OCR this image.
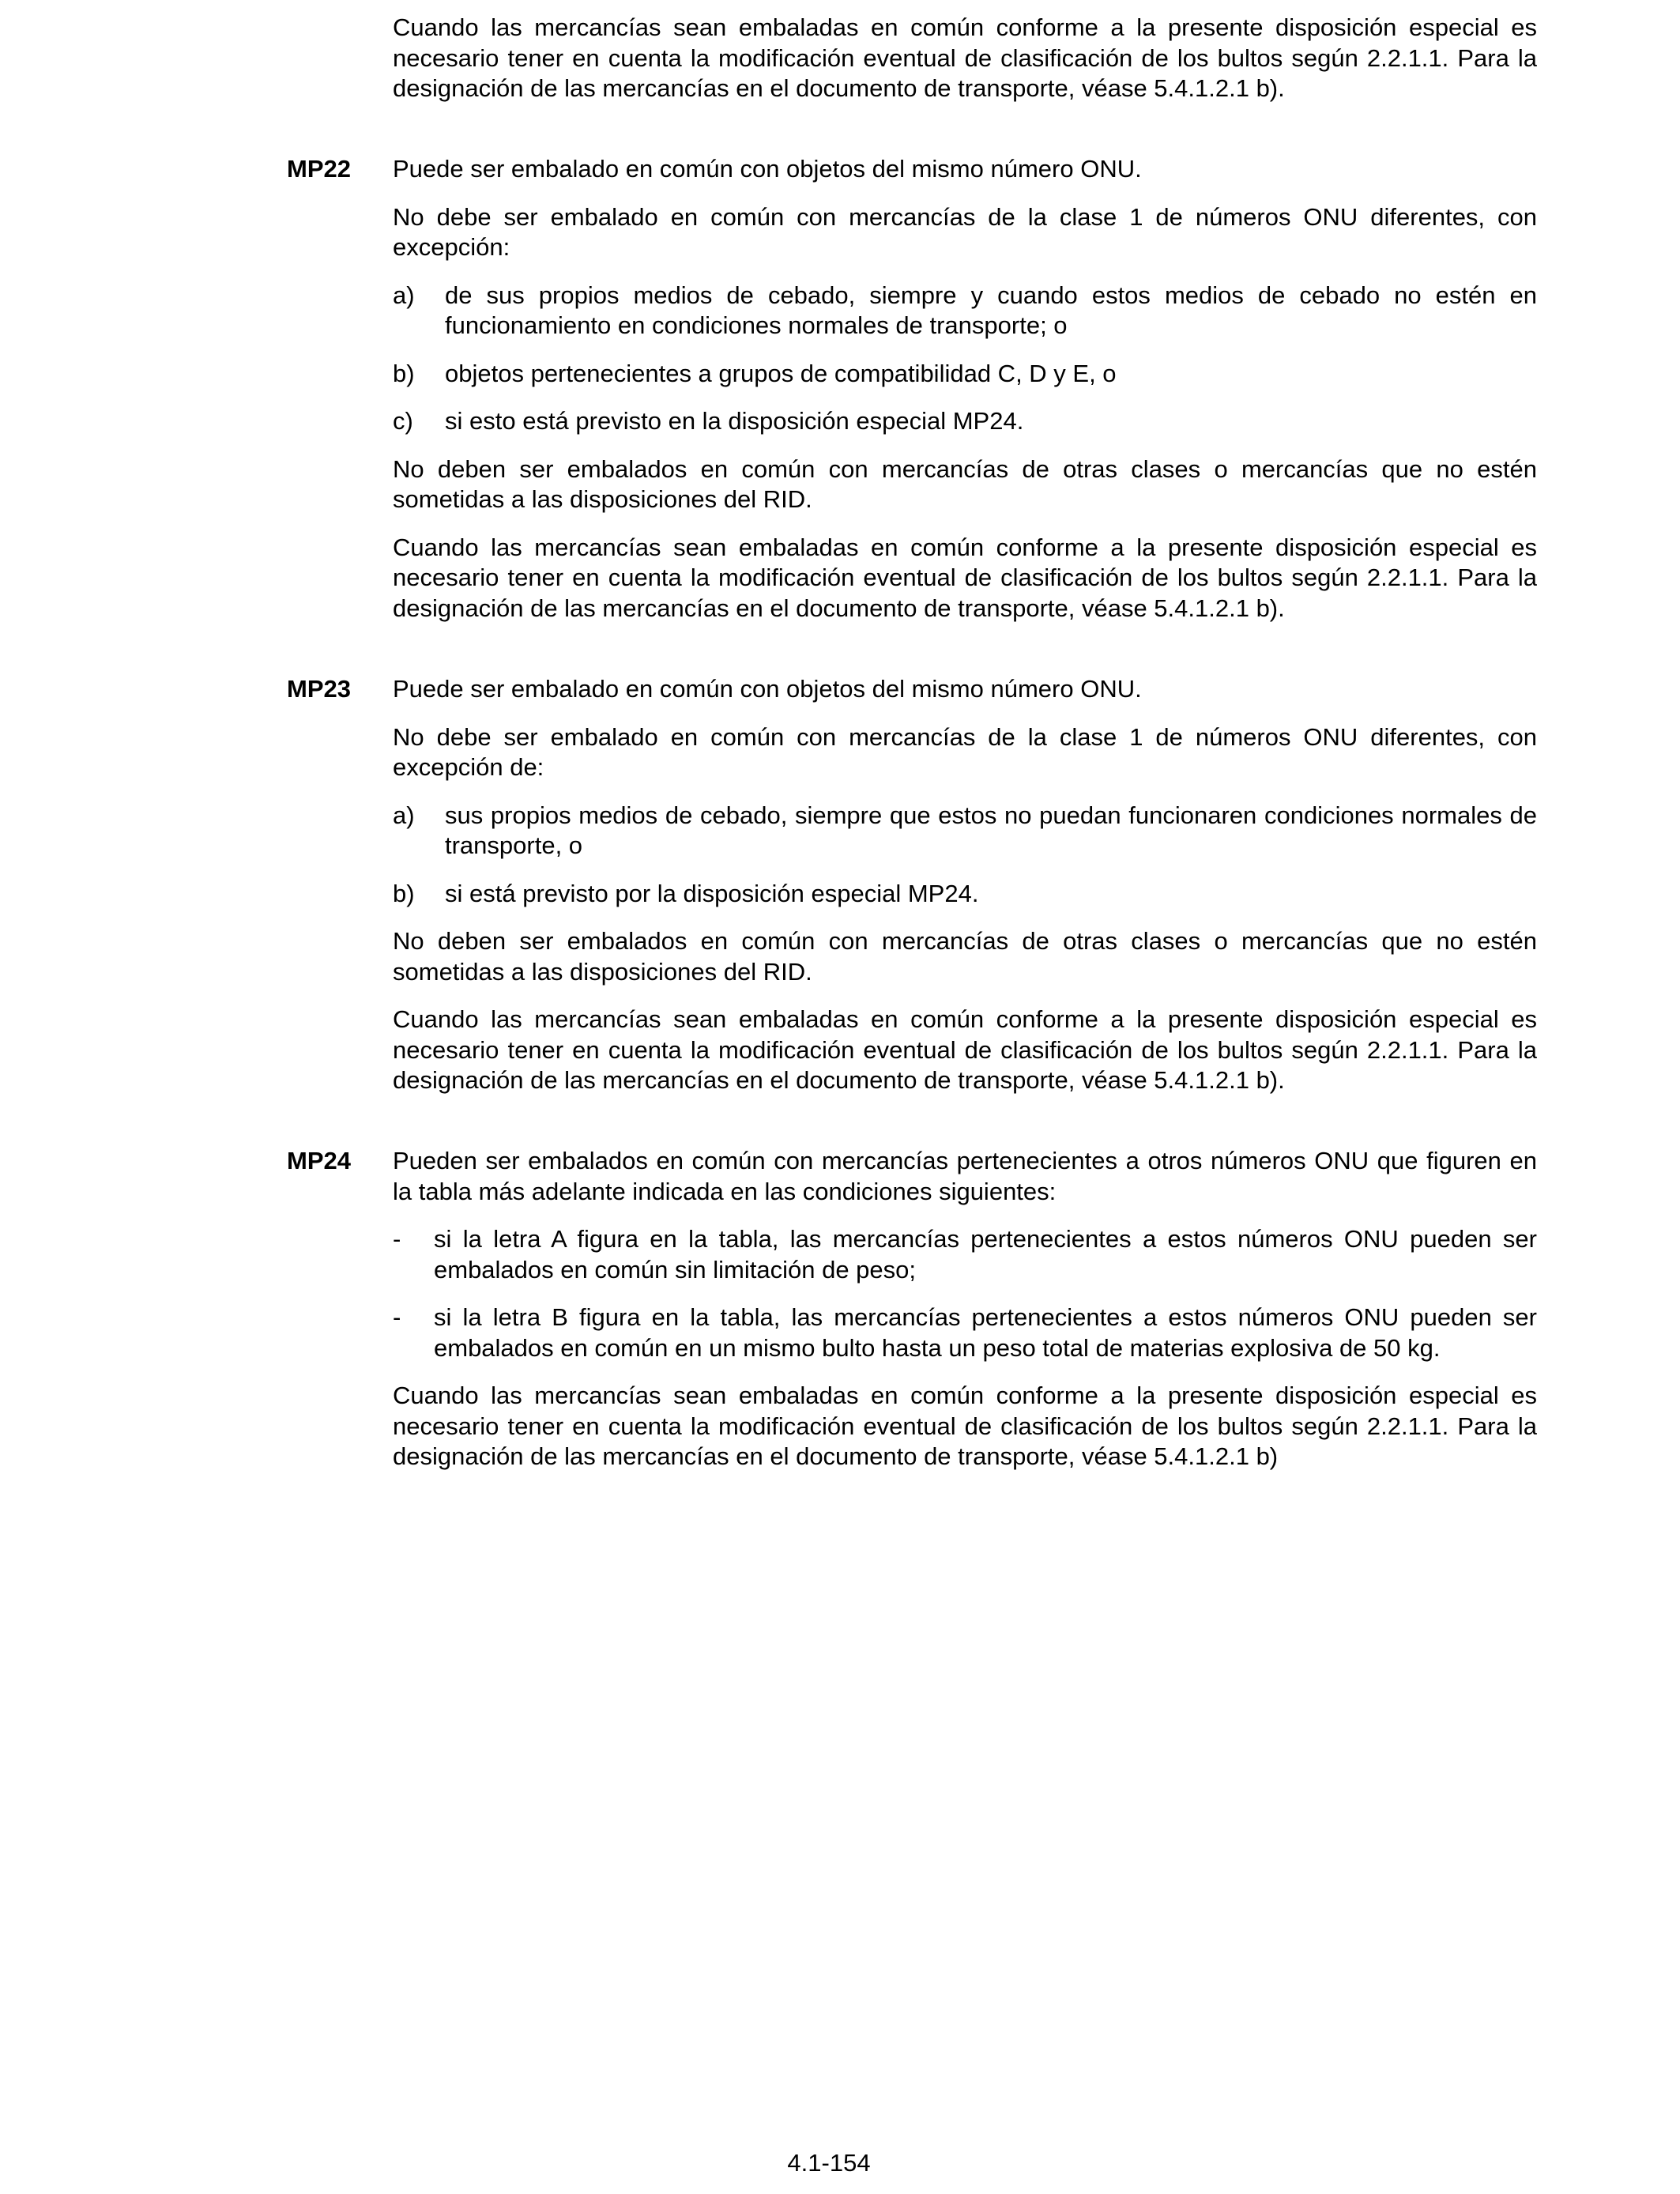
Cuando las mercancías sean embaladas en común conforme a la presente disposición especial es necesario tener en cuenta la modificación eventual de clasificación de los bultos según 2.2.1.1. Para la designación de las mercancías en el documento de transporte, véase 5.4.1.2.1 b).

MP22 Puede ser embalado en común con objetos del mismo número ONU.

No debe ser embalado en común con mercancías de la clase 1 de números ONU diferentes, con excepción:

a) de sus propios medios de cebado, siempre y cuando estos medios de cebado no estén en funcionamiento en condiciones normales de transporte; o
b) objetos pertenecientes a grupos de compatibilidad C, D y E, o
c) si esto está previsto en la disposición especial MP24.

No deben ser embalados en común con mercancías de otras clases o mercancías que no estén sometidas a las disposiciones del RID.

Cuando las mercancías sean embaladas en común conforme a la presente disposición especial es necesario tener en cuenta la modificación eventual de clasificación de los bultos según 2.2.1.1. Para la designación de las mercancías en el documento de transporte, véase 5.4.1.2.1 b).

MP23 Puede ser embalado en común con objetos del mismo número ONU.

No debe ser embalado en común con mercancías de la clase 1 de números ONU diferentes, con excepción de:

a) sus propios medios de cebado, siempre que estos no puedan funcionaren condiciones normales de transporte, o
b) si está previsto por la disposición especial MP24.

No deben ser embalados en común con mercancías de otras clases o mercancías que no estén sometidas a las disposiciones del RID.

Cuando las mercancías sean embaladas en común conforme a la presente disposición especial es necesario tener en cuenta la modificación eventual de clasificación de los bultos según 2.2.1.1. Para la designación de las mercancías en el documento de transporte, véase 5.4.1.2.1 b).

MP24 Pueden ser embalados en común con mercancías pertenecientes a otros números ONU que figuren en la tabla más adelante indicada en las condiciones siguientes:

- si la letra A figura en la tabla, las mercancías pertenecientes a estos números ONU pueden ser embalados en común sin limitación de peso;
- si la letra B figura en la tabla, las mercancías pertenecientes a estos números ONU pueden ser embalados en común en un mismo bulto hasta un peso total de materias explosiva de 50 kg.

Cuando las mercancías sean embaladas en común conforme a la presente disposición especial es necesario tener en cuenta la modificación eventual de clasificación de los bultos según 2.2.1.1. Para la designación de las mercancías en el documento de transporte, véase 5.4.1.2.1 b)

4.1-154
